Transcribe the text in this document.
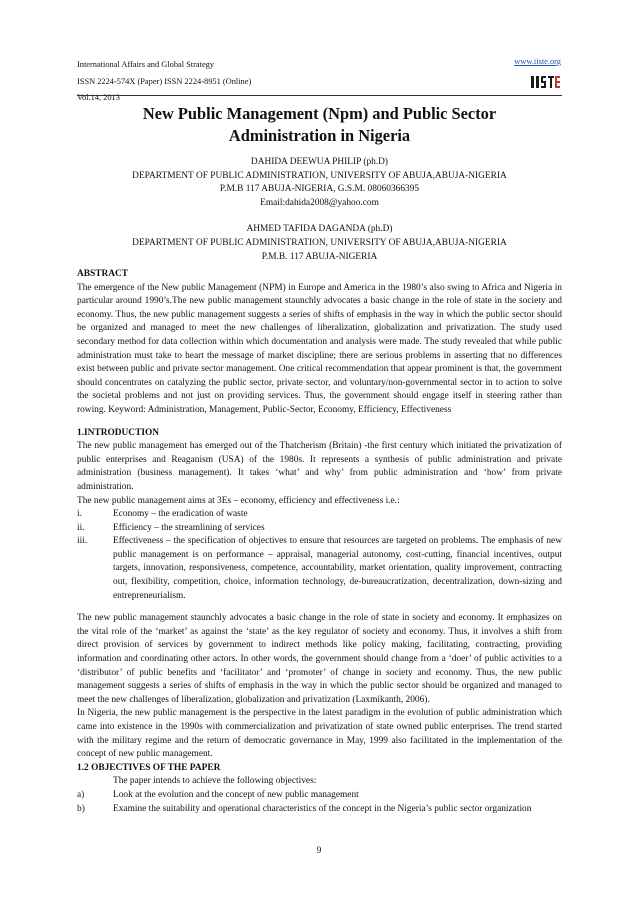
International Affairs and Global Strategy
ISSN 2224-574X (Paper) ISSN 2224-8951 (Online)
Vol.14, 2013
www.iiste.org
New Public Management (Npm) and Public Sector
Administration in Nigeria
DAHIDA DEEWUA PHILIP (ph.D)
DEPARTMENT OF PUBLIC ADMINISTRATION, UNIVERSITY OF ABUJA,ABUJA-NIGERIA
P.M.B 117 ABUJA-NIGERIA, G.S.M. 08060366395
Email:dahida2008@yahoo.com
AHMED TAFIDA DAGANDA (ph.D)
DEPARTMENT OF PUBLIC ADMINISTRATION, UNIVERSITY OF ABUJA,ABUJA-NIGERIA
P.M.B. 117 ABUJA-NIGERIA
ABSTRACT
The emergence of the New public Management (NPM) in Europe and America in the 1980’s also swing to Africa and Nigeria in particular around 1990’s.The new public management staunchly advocates a basic change in the role of state in the society and economy. Thus, the new public management suggests a series of shifts of emphasis in the way in which the public sector should be organized and managed to meet the new challenges of liberalization, globalization and privatization. The study used secondary method for data collection within which documentation and analysis were made. The study revealed that while public administration must take to heart the message of market discipline; there are serious problems in asserting that no differences exist between public and private sector management. One critical recommendation that appear prominent is that, the government should concentrates on catalyzing the public sector, private sector, and voluntary/non-governmental sector in to action to solve the societal problems and not just on providing services. Thus, the government should engage itself in steering rather than rowing. Keyword: Administration, Management, Public-Sector, Economy, Efficiency, Effectiveness
1.INTRODUCTION
The new public management has emerged out of the Thatcherism (Britain) -the first century which initiated the privatization of public enterprises and Reaganism (USA) of the 1980s. It represents a synthesis of public administration and private administration (business management). It takes ‘what’ and why’ from public administration and ‘how’ from private administration.
The new public management aims at 3Es – economy, efficiency and effectiveness i.e.:
i.	Economy – the eradication of waste
ii.	Efficiency – the streamlining of services
iii.	Effectiveness – the specification of objectives to ensure that resources are targeted on problems. The emphasis of new public management is on performance – appraisal, managerial autonomy, cost-cutting, financial incentives, output targets, innovation, responsiveness, competence, accountability, market orientation, quality improvement, contracting out, flexibility, competition, choice, information technology, de-bureaucratization, decentralization, down-sizing and entrepreneurialism.
The new public management staunchly advocates a basic change in the role of state in society and economy. It emphasizes on the vital role of the ‘market’ as against the ‘state’ as the key regulator of society and economy. Thus, it involves a shift from direct provision of services by government to indirect methods like policy making, facilitating, contracting, providing information and coordinating other actors. In other words, the government should change from a ‘doer’ of public activities to a ‘distributor’ of public benefits and ‘facilitator’ and ‘promoter’ of change in society and economy. Thus, the new public management suggests a series of shifts of emphasis in the way in which the public sector should be organized and managed to meet the new challenges of liberalization, globalization and privatization (Laxmikanth, 2006).
In Nigeria, the new public management is the perspective in the latest paradigm in the evolution of public administration which came into existence in the 1990s with commercialization and privatization of state owned public enterprises. The trend started with the military regime and the return of democratic governance in May, 1999 also facilitated in the implementation of the concept of new public management.
1.2 OBJECTIVES OF THE PAPER
The paper intends to achieve the following objectives:
a)	Look at the evolution and the concept of new public management
b)	Examine the suitability and operational characteristics of the concept in the Nigeria’s public sector organization
9
